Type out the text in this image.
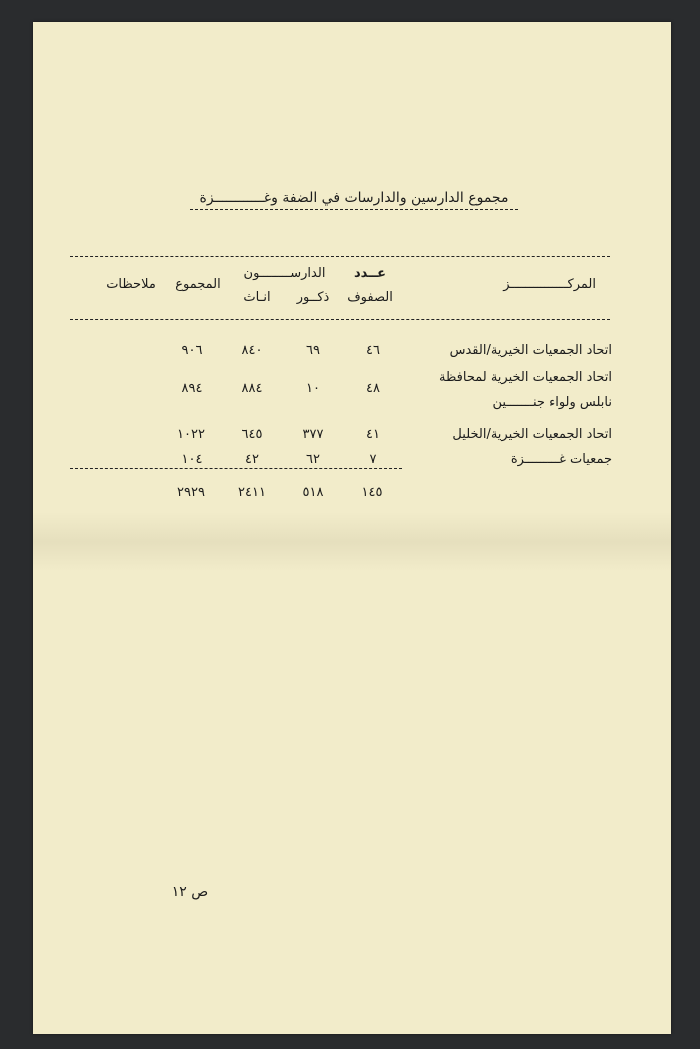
مجموع الدارسين والدارسات في الضفة وغــــــــــــزة
المركـــــــــــــــز
عــدد
الصفوف
الدارســــــــون
ذكــور
انـاث
المجموع
ملاحظات
اتحاد الجمعيات الخيرية/القدس
٤٦
٦٩
٨٤٠
٩٠٦
اتحاد الجمعيات الخيرية لمحافظة
نابلس ولواء جنـــــــين
٤٨
١٠
٨٨٤
٨٩٤
اتحاد الجمعيات الخيرية/الخليل
٤١
٣٧٧
٦٤٥
١٠٢٢
جمعيات غـــــــــزة
٧
٦٢
٤٢
١٠٤
١٤٥
٥١٨
٢٤١١
٢٩٢٩
ص ١٢
